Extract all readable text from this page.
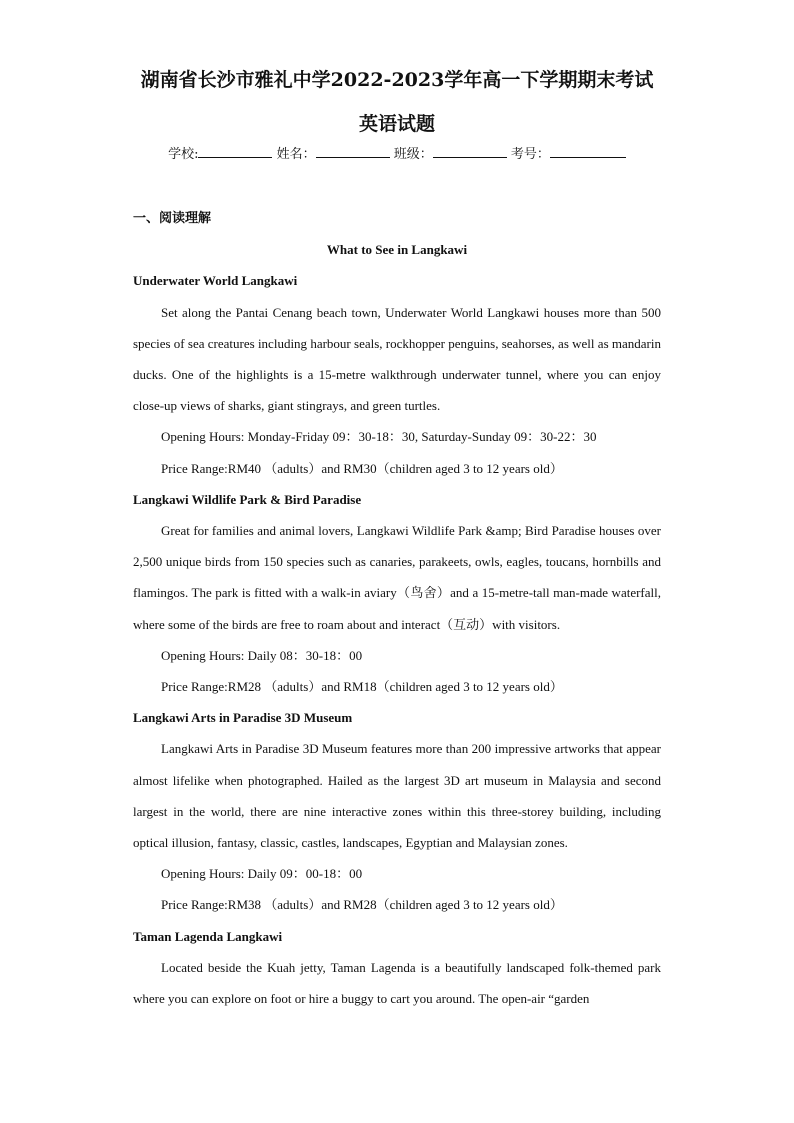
湖南省长沙市雅礼中学2022-2023学年高一下学期期末考试
英语试题
学校:	姓名：	班级：	考号：

一、阅读理解

What to See in Langkawi

Underwater World Langkawi

Set along the Pantai Cenang beach town, Underwater World Langkawi houses more than 500 species of sea creatures including harbour seals, rockhopper penguins, seahorses, as well as mandarin ducks. One of the highlights is a 15-metre walkthrough underwater tunnel, where you can enjoy close-up views of sharks, giant stingrays, and green turtles.

Opening Hours: Monday-Friday 09：30-18：30, Saturday-Sunday 09：30-22：30

Price Range:RM40 （adults）and RM30（children aged 3 to 12 years old）

Langkawi Wildlife Park & Bird Paradise

Great for families and animal lovers, Langkawi Wildlife Park &amp; Bird Paradise houses over 2,500 unique birds from 150 species such as canaries, parakeets, owls, eagles, toucans, hornbills and flamingos. The park is fitted with a walk-in aviary（鸟舍）and a 15-metre-tall man-made waterfall, where some of the birds are free to roam about and interact（互动）with visitors.

Opening Hours: Daily 08：30-18：00

Price Range:RM28 （adults）and RM18（children aged 3 to 12 years old）

Langkawi Arts in Paradise 3D Museum

Langkawi Arts in Paradise 3D Museum features more than 200 impressive artworks that appear almost lifelike when photographed. Hailed as the largest 3D art museum in Malaysia and second largest in the world, there are nine interactive zones within this three-storey building, including optical illusion, fantasy, classic, castles, landscapes, Egyptian and Malaysian zones.

Opening Hours: Daily 09：00-18：00

Price Range:RM38 （adults）and RM28（children aged 3 to 12 years old）

Taman Lagenda Langkawi

Located beside the Kuah jetty, Taman Lagenda is a beautifully landscaped folk-themed park where you can explore on foot or hire a buggy to cart you around. The open-air “garden
